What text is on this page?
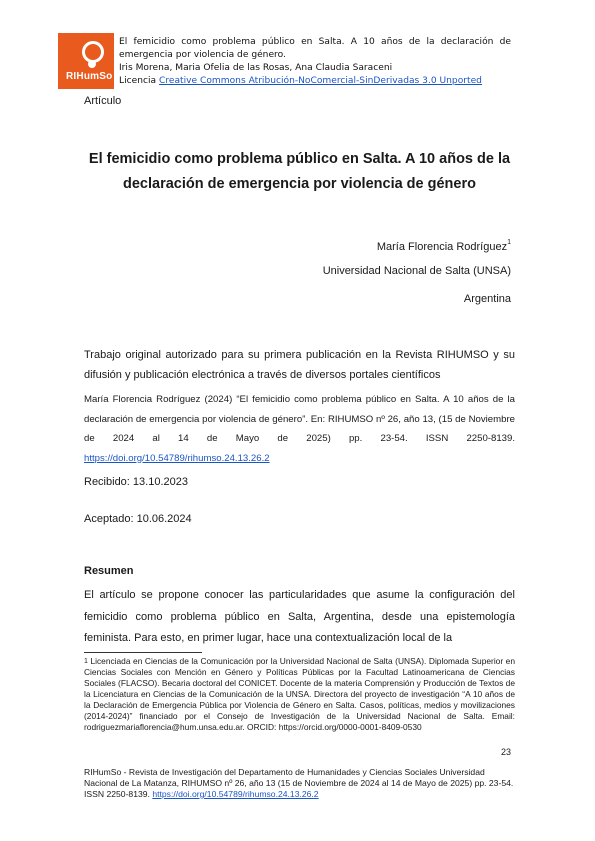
RIHumSo
El femicidio como problema público en Salta. A 10 años de la declaración de
emergencia por violencia de género.
Iris Morena, Maria Ofelia de las Rosas, Ana Claudia Saraceni
Licencia Creative Commons Atribución-NoComercial-SinDerivadas 3.0 Unported
Artículo
El femicidio como problema público en Salta. A 10 años de la declaración de emergencia por violencia de género
María Florencia Rodríguez$^1$
Universidad Nacional de Salta (UNSA)
Argentina
Trabajo original autorizado para su primera publicación en la Revista RIHUMSO y su difusión y publicación electrónica a través de diversos portales científicos
María Florencia Rodríguez (2024) “El femicidio como problema público en Salta. A 10 años de la declaración de emergencia por violencia de género”. En: RIHUMSO nº 26, año 13, (15 de Noviembre de 2024 al 14 de Mayo de 2025) pp. 23-54. ISSN 2250-8139. https://doi.org/10.54789/rihumso.24.13.26.2
Recibido: 13.10.2023
Aceptado: 10.06.2024
Resumen
El artículo se propone conocer las particularidades que asume la configuración del femicidio como problema público en Salta, Argentina, desde una epistemología feminista. Para esto, en primer lugar, hace una contextualización local de la
$^1$ Licenciada en Ciencias de la Comunicación por la Universidad Nacional de Salta (UNSA). Diplomada Superior en Ciencias Sociales con Mención en Género y Políticas Públicas por la Facultad Latinoamericana de Ciencias Sociales (FLACSO). Becaria doctoral del CONICET. Docente de la materia Comprensión y Producción de Textos de la Licenciatura en Ciencias de la Comunicación de la UNSA. Directora del proyecto de investigación “A 10 años de la Declaración de Emergencia Pública por Violencia de Género en Salta. Casos, políticas, medios y movilizaciones (2014-2024)” financiado por el Consejo de Investigación de la Universidad Nacional de Salta. Email: rodriguezmariaflorencia@hum.unsa.edu.ar. ORCID: https://orcid.org/0000-0001-8409-0530
23
RIHumSo - Revista de Investigación del Departamento de Humanidades y Ciencias Sociales Universidad Nacional de La Matanza, RIHUMSO nº 26, año 13 (15 de Noviembre de 2024 al 14 de Mayo de 2025) pp. 23-54. ISSN 2250-8139. https://doi.org/10.54789/rihumso.24.13.26.2
